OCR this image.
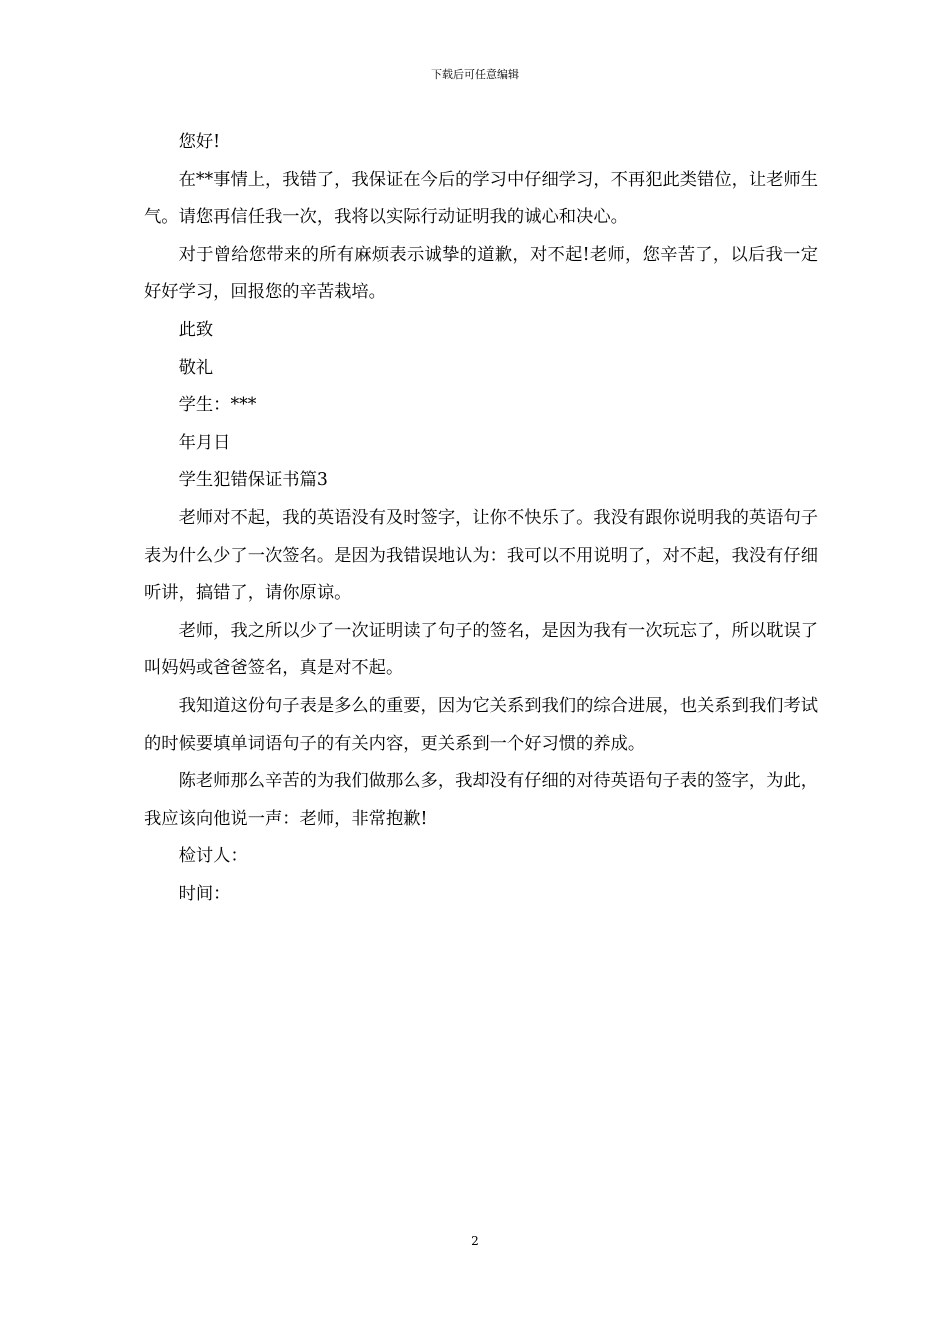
下载后可任意编辑

您好!

在**事情上，我错了，我保证在今后的学习中仔细学习，不再犯此类错位，让老师生气。请您再信任我一次，我将以实际行动证明我的诚心和决心。

对于曾给您带来的所有麻烦表示诚挚的道歉，对不起!老师，您辛苦了，以后我一定好好学习，回报您的辛苦栽培。

此致

敬礼

学生：***

年月日

学生犯错保证书篇3

老师对不起，我的英语没有及时签字，让你不快乐了。我没有跟你说明我的英语句子表为什么少了一次签名。是因为我错误地认为：我可以不用说明了，对不起，我没有仔细听讲，搞错了，请你原谅。

老师，我之所以少了一次证明读了句子的签名，是因为我有一次玩忘了，所以耽误了叫妈妈或爸爸签名，真是对不起。

我知道这份句子表是多么的重要，因为它关系到我们的综合进展，也关系到我们考试的时候要填单词语句子的有关内容，更关系到一个好习惯的养成。

陈老师那么辛苦的为我们做那么多，我却没有仔细的对待英语句子表的签字，为此，我应该向他说一声：老师，非常抱歉!

检讨人：

时间：

2
